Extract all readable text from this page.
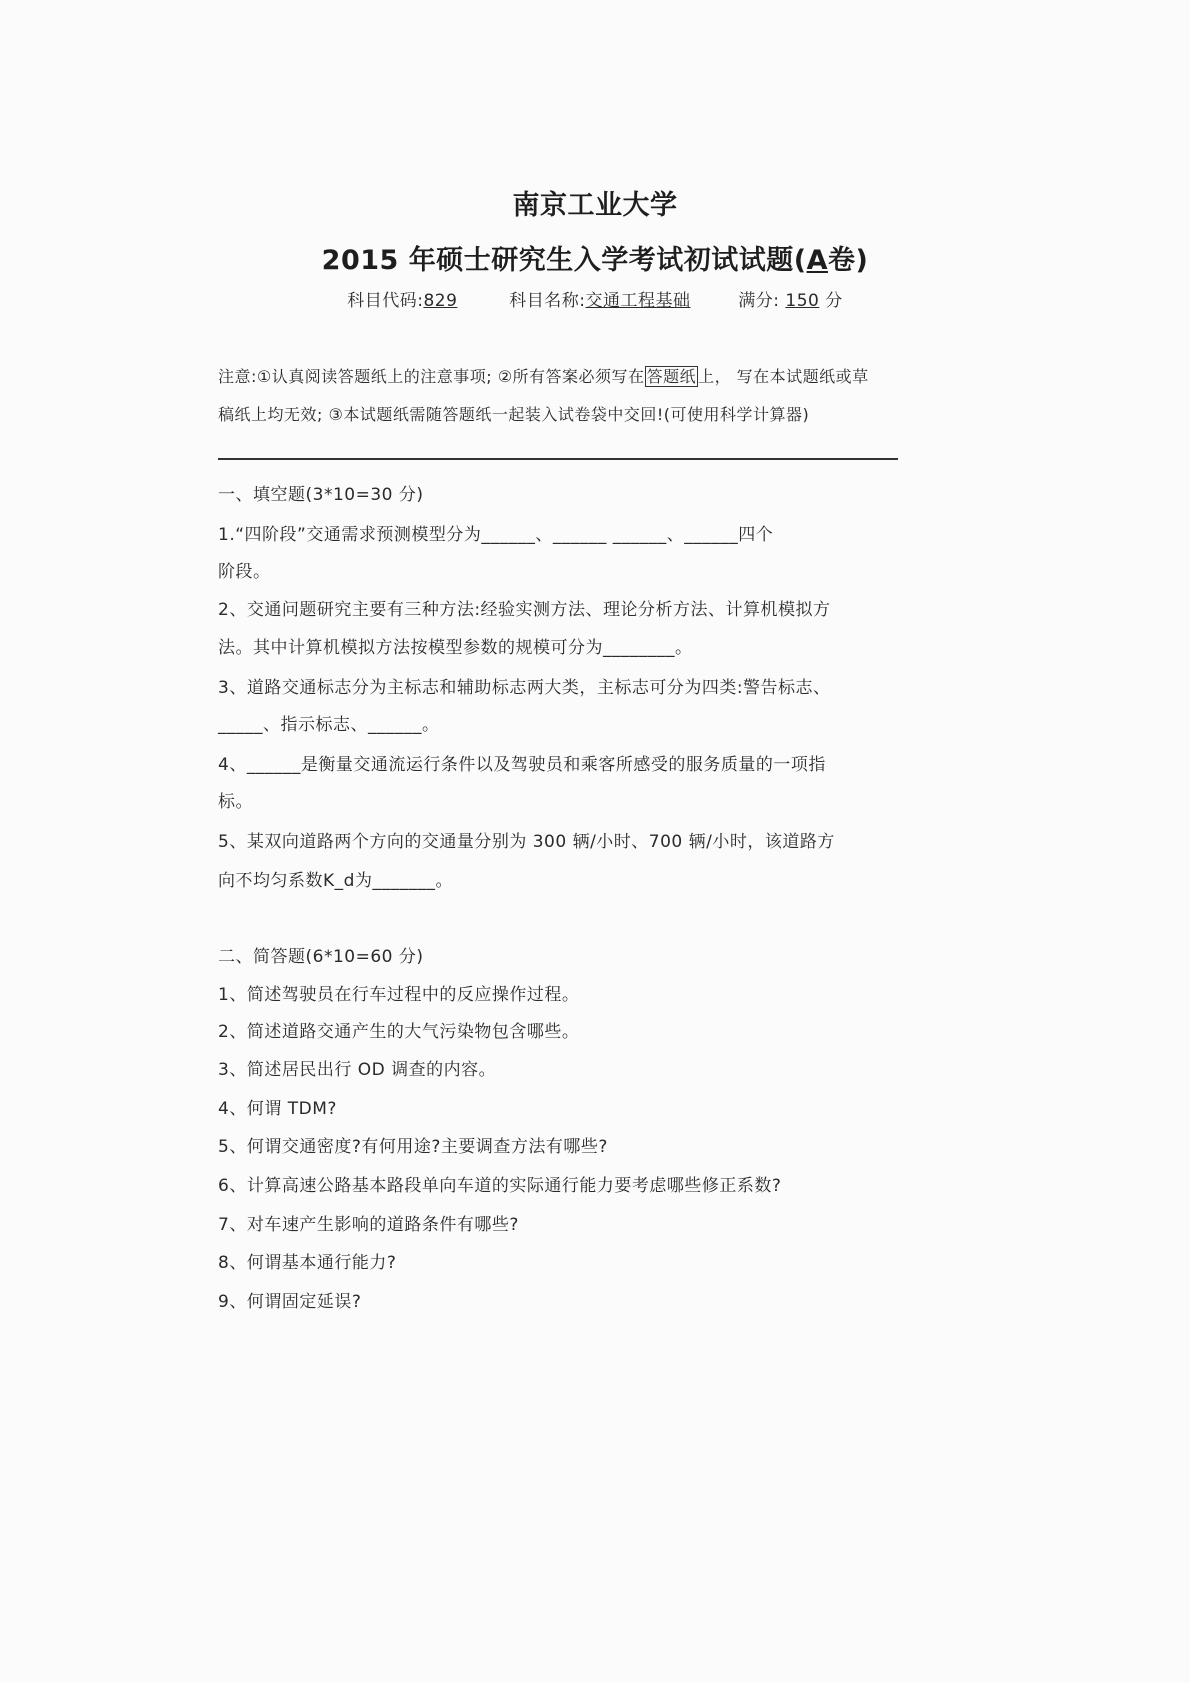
南京工业大学
2015 年硕士研究生入学考试初试试题(A卷)
科目代码:829	科目名称:交通工程基础	满分: 150 分
注意:①认真阅读答题纸上的注意事项; ②所有答案必须写在 答题纸 上， 写在本试题纸或草
稿纸上均无效; ③本试题纸需随答题纸一起装入试卷袋中交回!(可使用科学计算器)
一、填空题(3*10=30 分)
1.“四阶段”交通需求预测模型分为______、______ ______、______四个
阶段。
2、交通问题研究主要有三种方法:经验实测方法、理论分析方法、计算机模拟方
法。其中计算机模拟方法按模型参数的规模可分为________。
3、道路交通标志分为主标志和辅助标志两大类，主标志可分为四类:警告标志、
_____、指示标志、______。
4、______是衡量交通流运行条件以及驾驶员和乘客所感受的服务质量的一项指
标。
5、某双向道路两个方向的交通量分别为 300 辆/小时、700 辆/小时，该道路方
向不均匀系数K_d为_______。
二、简答题(6*10=60 分)
1、简述驾驶员在行车过程中的反应操作过程。
2、简述道路交通产生的大气污染物包含哪些。
3、简述居民出行 OD 调查的内容。
4、何谓 TDM?
5、何谓交通密度?有何用途?主要调查方法有哪些?
6、计算高速公路基本路段单向车道的实际通行能力要考虑哪些修正系数?
7、对车速产生影响的道路条件有哪些?
8、何谓基本通行能力?
9、何谓固定延误?
